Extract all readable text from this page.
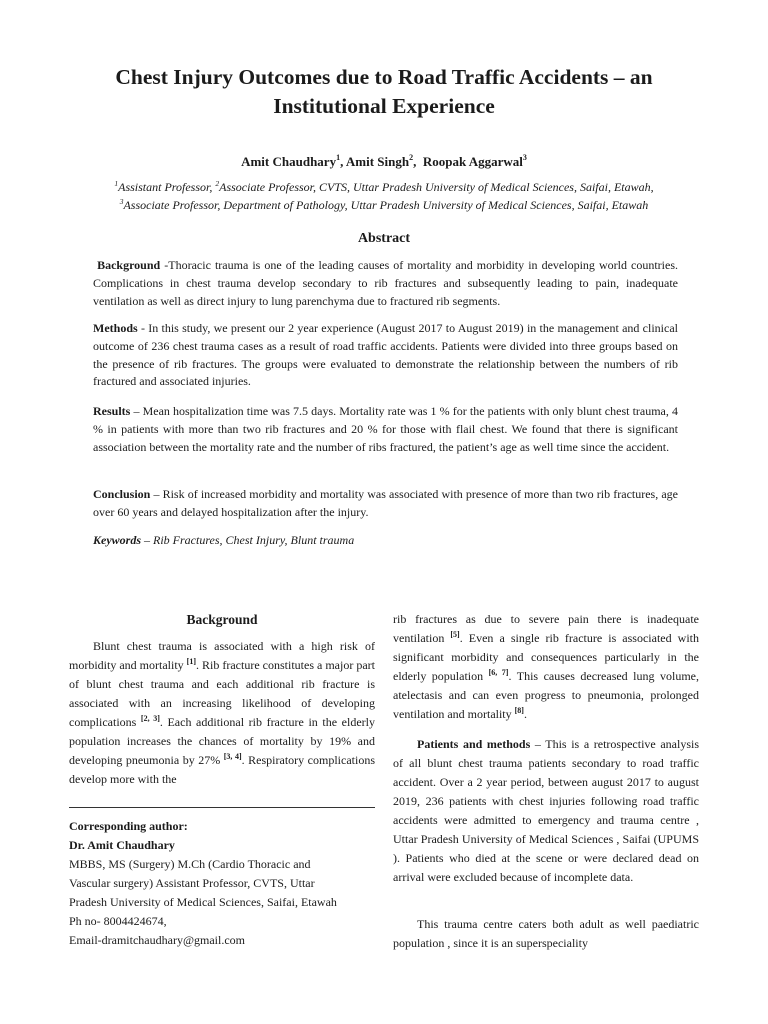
Chest Injury Outcomes due to Road Traffic Accidents – an Institutional Experience
Amit Chaudhary$^1$, Amit Singh$^2$,  Roopak Aggarwal$^3$
$^1$Assistant Professor, $^2$Associate Professor, CVTS, Uttar Pradesh University of Medical Sciences, Saifai, Etawah,
$^3$Associate Professor, Department of Pathology, Uttar Pradesh University of Medical Sciences, Saifai, Etawah
Abstract

Background -Thoracic trauma is one of the leading causes of mortality and morbidity in developing world countries. Complications in chest trauma develop secondary to rib fractures and subsequently leading to pain, inadequate ventilation as well as direct injury to lung parenchyma due to fractured rib segments.

Methods - In this study, we present our 2 year experience (August 2017 to August 2019) in the management and clinical outcome of 236 chest trauma cases as a result of road traffic accidents. Patients were divided into three groups based on the presence of rib fractures. The groups were evaluated to demonstrate the relationship between the numbers of rib fractured and associated injuries.

Results – Mean hospitalization time was 7.5 days. Mortality rate was 1 % for the patients with only blunt chest trauma, 4 % in patients with more than two rib fractures and 20 % for those with flail chest. We found that there is significant association between the mortality rate and the number of ribs fractured, the patient’s age as well time since the accident.

Conclusion – Risk of increased morbidity and mortality was associated with presence of more than two rib fractures, age over 60 years and delayed hospitalization after the injury.

Keywords – Rib Fractures, Chest Injury, Blunt trauma

Background

Blunt chest trauma is associated with a high risk of morbidity and mortality [1]. Rib fracture constitutes a major part of blunt chest trauma and each additional rib fracture is associated with an increasing likelihood of developing complications [2, 3]. Each additional rib fracture in the elderly population increases the chances of mortality by 19% and developing pneumonia by 27% [3, 4]. Respiratory complications develop more with the

Corresponding author:
Dr. Amit Chaudhary
MBBS, MS (Surgery) M.Ch (Cardio Thoracic and
Vascular surgery) Assistant Professor, CVTS, Uttar
Pradesh University of Medical Sciences, Saifai, Etawah
Ph no- 8004424674,
Email-dramitchaudhary@gmail.com

rib fractures as due to severe pain there is inadequate ventilation [5]. Even a single rib fracture is associated with significant morbidity and consequences particularly in the elderly population [6, 7]. This causes decreased lung volume, atelectasis and can even progress to pneumonia, prolonged ventilation and mortality [8].

Patients and methods – This is a retrospective analysis of all blunt chest trauma patients secondary to road traffic accident. Over a 2 year period, between august 2017 to august 2019, 236 patients with chest injuries following road traffic accidents were admitted to emergency and trauma centre , Uttar Pradesh University of Medical Sciences , Saifai (UPUMS ). Patients who died at the scene or were declared dead on arrival were excluded because of incomplete data.

This trauma centre caters both adult as well paediatric population , since it is an superspeciality
